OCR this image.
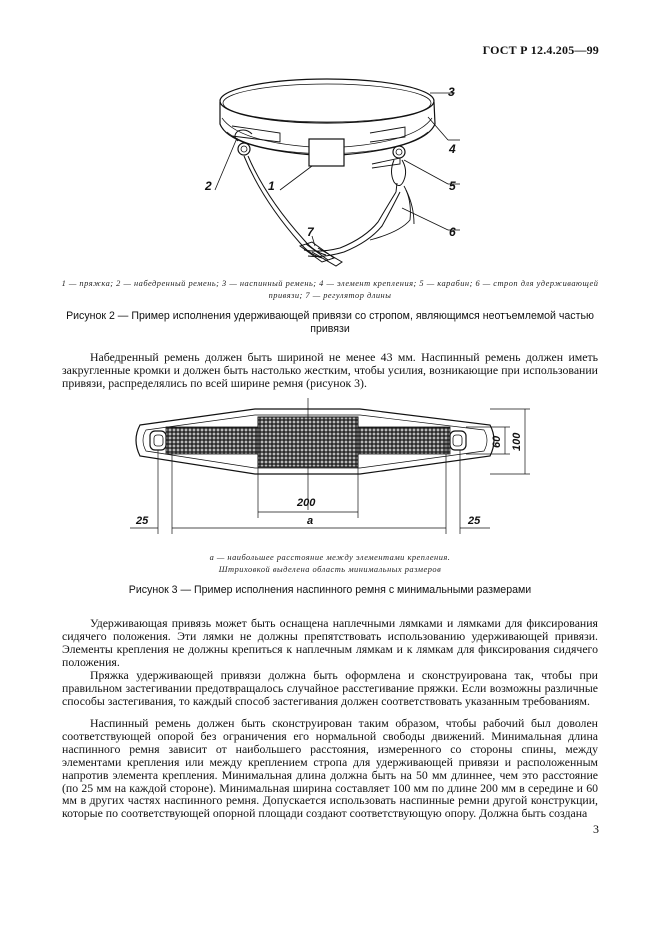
ГОСТ Р 12.4.205—99
3
4
5
6
1
2
7
1 — пряжка; 2 — набедренный ремень; 3 — наспинный ремень; 4 — элемент крепления; 5 — карабин; 6 — строп для удерживающей привязи; 7 — регулятор длины
Рисунок 2 — Пример исполнения удерживающей привязи со стропом, являющимся неотъемлемой частью привязи

Набедренный ремень должен быть шириной не менее 43 мм. Наспинный ремень должен иметь закругленные кромки и должен быть настолько жестким, чтобы усилия, возникающие при использовании привязи, распределялись по всей ширине ремня (рисунок 3).

200
a
25	25
60 100
a — наибольшее расстояние между элементами крепления.
Штриховкой выделена область минимальных размеров
Рисунок 3 — Пример исполнения наспинного ремня с минимальными размерами

Удерживающая привязь может быть оснащена наплечными лямками и лямками для фиксирования сидячего положения. Эти лямки не должны препятствовать использованию удерживающей привязи. Элементы крепления не должны крепиться к наплечным лямкам и к лямкам для фиксирования сидячего положения.

Пряжка удерживающей привязи должна быть оформлена и сконструирована так, чтобы при правильном застегивании предотвращалось случайное расстегивание пряжки. Если возможны различные способы застегивания, то каждый способ застегивания должен соответствовать указанным требованиям.

Наспинный ремень должен быть сконструирован таким образом, чтобы рабочий был доволен соответствующей опорой без ограничения его нормальной свободы движений. Минимальная длина наспинного ремня зависит от наибольшего расстояния, измеренного со стороны спины, между элементами крепления или между креплением стропа для удерживающей привязи и расположенным напротив элемента крепления. Минимальная длина должна быть на 50 мм длиннее, чем это расстояние (по 25 мм на каждой стороне). Минимальная ширина составляет 100 мм по длине 200 мм в середине и 60 мм в других частях наспинного ремня. Допускается использовать наспинные ремни другой конструкции, которые по соответствующей опорной площади создают соответствующую опору. Должна быть создана

3
